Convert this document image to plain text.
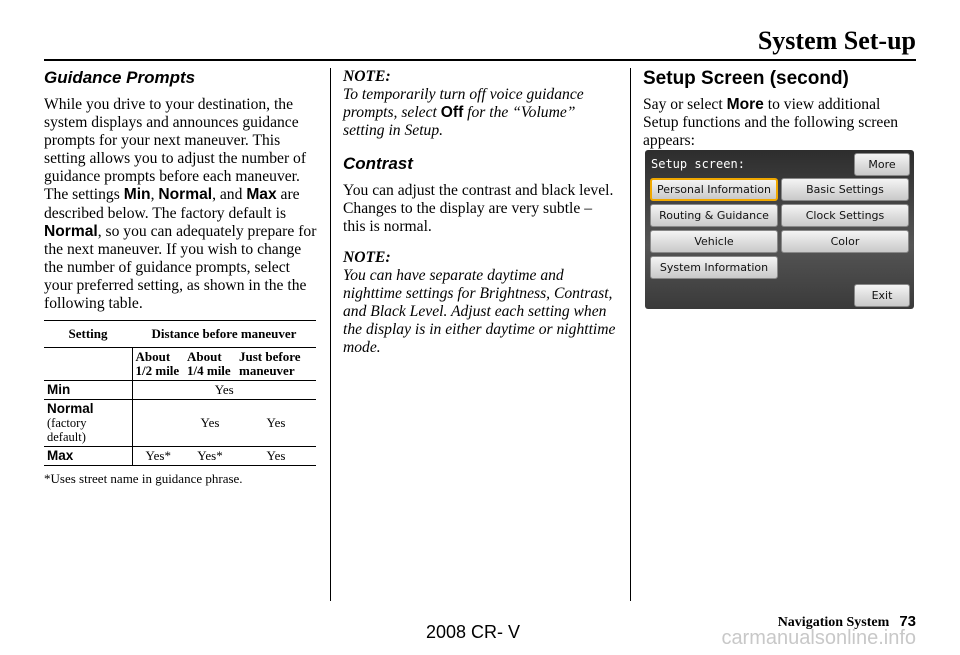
System Set-up
Guidance Prompts
While you drive to your destination, the system displays and announces guidance prompts for your next maneuver. This setting allows you to adjust the number of guidance prompts before each maneuver. The settings Min, Normal, and Max are described below. The factory default is Normal, so you can adequately prepare for the next maneuver. If you wish to change the number of guidance prompts, select your preferred setting, as shown in the the following table.
Setting	Distance before maneuver		
	About 1/2 mile	About 1/4 mile	Just before maneuver
Min	Yes		

Normal
(factory default)		Yes	Yes
Max	Yes*	Yes*	Yes
*Uses street name in guidance phrase.
NOTE:
To temporarily turn off voice guidance prompts, select Off for the “Volume” setting in Setup.
Contrast
You can adjust the contrast and black level. Changes to the display are very subtle – this is normal.
NOTE:
You can have separate daytime and nighttime settings for Brightness, Contrast, and Black Level. Adjust each setting when the display is in either daytime or nighttime mode.
Setup Screen (second)
Say or select More to view additional Setup functions and the following screen appears:
Setup screen:	More
Personal Information	Basic Settings
Routing & Guidance	Clock Settings
Vehicle	Color
System Information
Exit
2008 CR- V	Navigation System 73
carmanualsonline.info
